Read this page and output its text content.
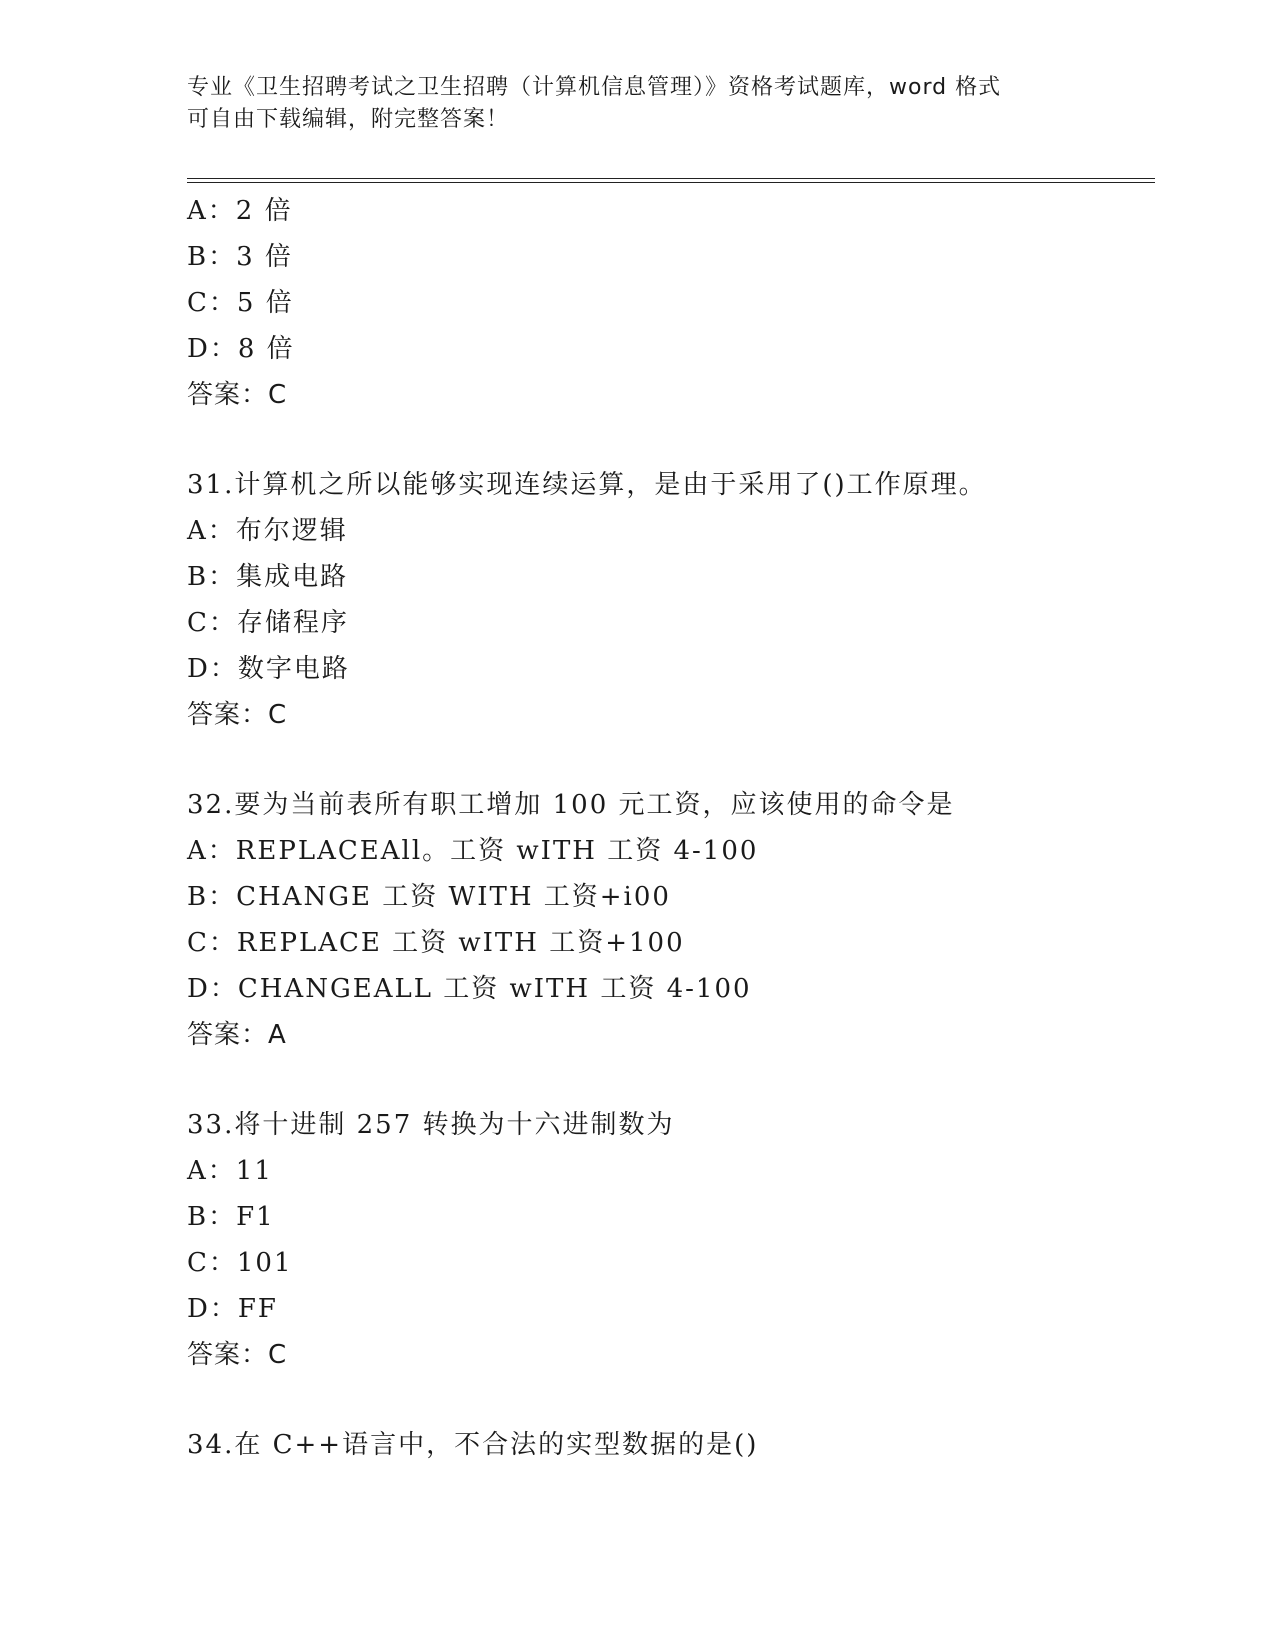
专业《卫生招聘考试之卫生招聘（计算机信息管理）》资格考试题库，word 格式
可自由下载编辑，附完整答案！
A：2 倍
B：3 倍
C：5 倍
D：8 倍
答案：C
31.计算机之所以能够实现连续运算，是由于采用了()工作原理。
A：布尔逻辑
B：集成电路
C：存储程序
D：数字电路
答案：C
32.要为当前表所有职工增加 100 元工资，应该使用的命令是
A：REPLACEAll。工资 wITH 工资 4-100
B：CHANGE 工资 WITH 工资+i00
C：REPLACE 工资 wITH 工资+100
D：CHANGEALL 工资 wITH 工资 4-100
答案：A
33.将十进制 257 转换为十六进制数为
A：11
B：F1
C：101
D：FF
答案：C
34.在 C++语言中，不合法的实型数据的是()
